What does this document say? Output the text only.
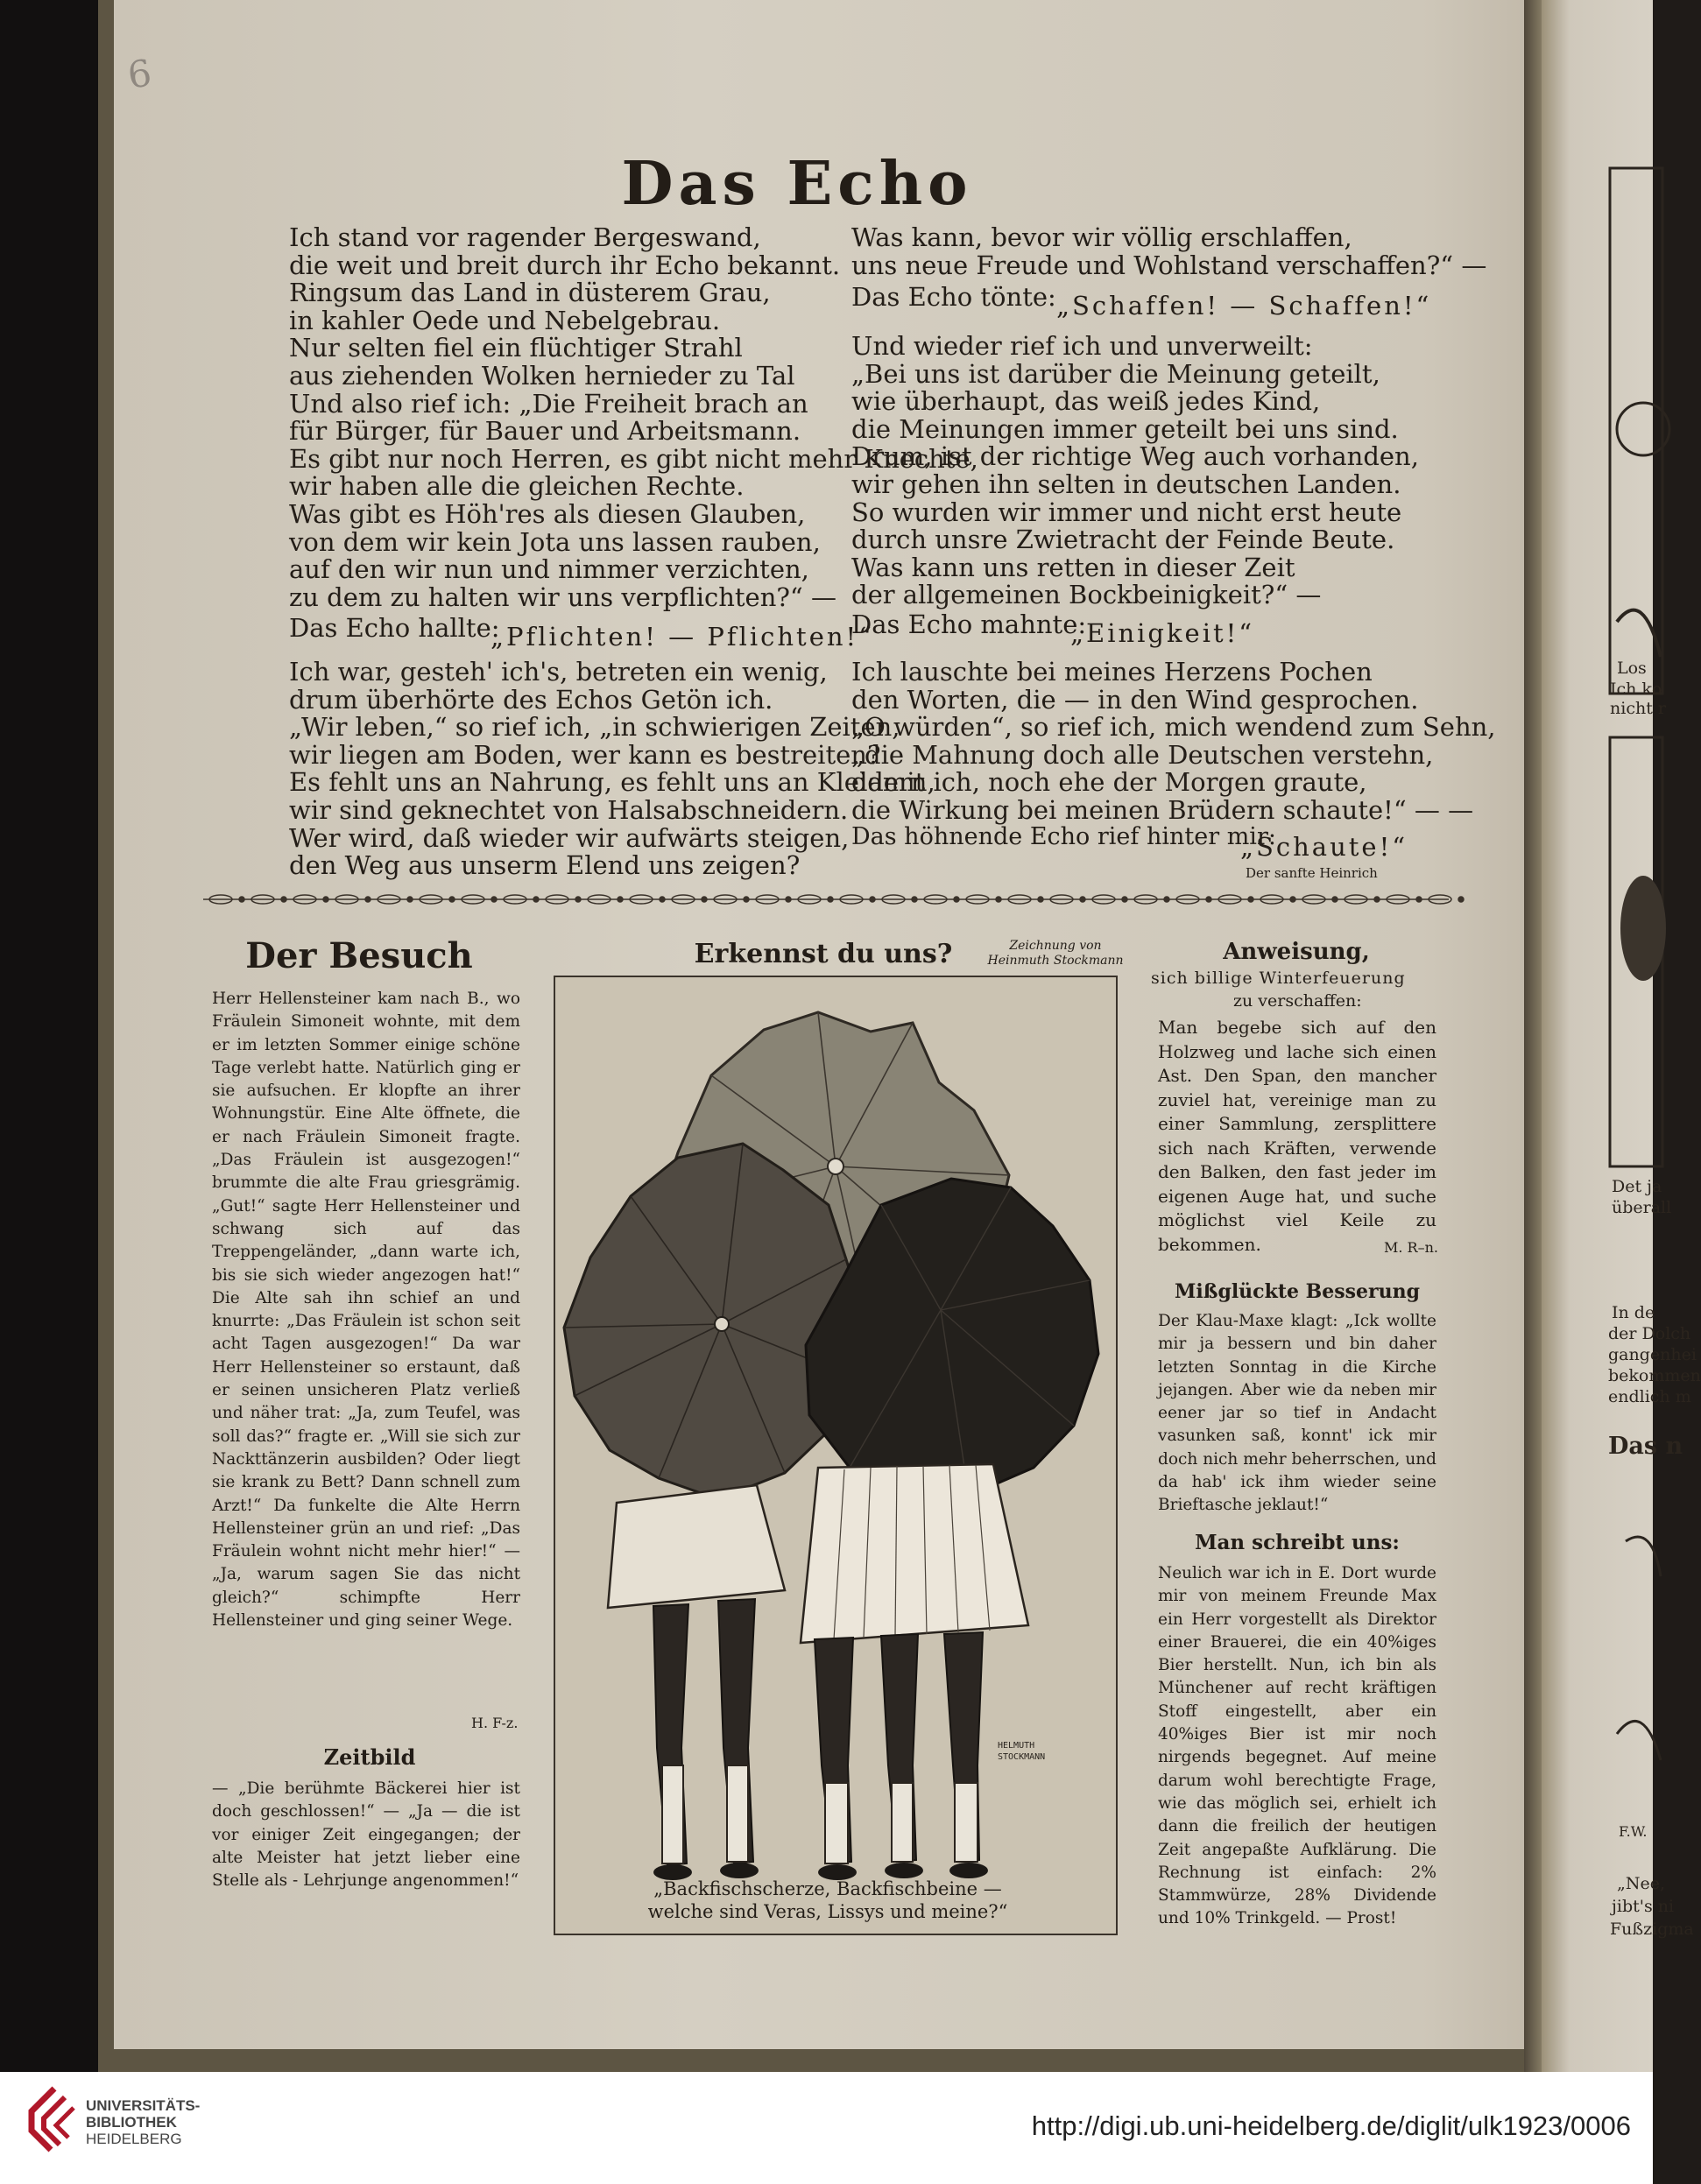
6
Das Echo
Ich stand vor ragender Bergeswand,
die weit und breit durch ihr Echo bekannt.
Ringsum das Land in düsterem Grau,
in kahler Oede und Nebelgebrau.
Nur selten fiel ein flüchtiger Strahl
aus ziehenden Wolken hernieder zu Tal
Und also rief ich: „Die Freiheit brach an
für Bürger, für Bauer und Arbeitsmann.
Es gibt nur noch Herren, es gibt nicht mehr Knechte,
wir haben alle die gleichen Rechte.
Was gibt es Höh'res als diesen Glauben,
von dem wir kein Jota uns lassen rauben,
auf den wir nun und nimmer verzichten,
zu dem zu halten wir uns verpflichten?“ —
Das Echo hallte:
„Pflichten! — Pflichten!“
Ich war, gesteh' ich's, betreten ein wenig,
drum überhörte des Echos Getön ich.
„Wir leben,“ so rief ich, „in schwierigen Zeiten,
wir liegen am Boden, wer kann es bestreiten?
Es fehlt uns an Nahrung, es fehlt uns an Kleidern,
wir sind geknechtet von Halsabschneidern.
Wer wird, daß wieder wir aufwärts steigen,
den Weg aus unserm Elend uns zeigen?
Was kann, bevor wir völlig erschlaffen,
uns neue Freude und Wohlstand verschaffen?“ —
Das Echo tönte: „Schaffen! — Schaffen!“
Und wieder rief ich und unverweilt:
„Bei uns ist darüber die Meinung geteilt,
wie überhaupt, das weiß jedes Kind,
die Meinungen immer geteilt bei uns sind.
Drum, ist der richtige Weg auch vorhanden,
wir gehen ihn selten in deutschen Landen.
So wurden wir immer und nicht erst heute
durch unsre Zwietracht der Feinde Beute.
Was kann uns retten in dieser Zeit
der allgemeinen Bockbeinigkeit?“ —
Das Echo mahnte:
„Einigkeit!“
Ich lauschte bei meines Herzens Pochen
den Worten, die — in den Wind gesprochen.
„O würden“, so rief ich, mich wendend zum Sehn,
„die Mahnung doch alle Deutschen verstehn,
damit ich, noch ehe der Morgen graute,
die Wirkung bei meinen Brüdern schaute!“ — —
Das höhnende Echo rief hinter mir:
„Schaute!“
Der sanfte Heinrich
Der Besuch
Herr Hellensteiner kam nach B., wo Fräulein Simoneit wohnte, mit dem er im letzten Sommer einige schöne Tage verlebt hatte. Natürlich ging er sie aufsuchen. Er klopfte an ihrer Wohnungstür. Eine Alte öffnete, die er nach Fräulein Simoneit fragte. „Das Fräulein ist ausgezogen!“ brummte die alte Frau griesgrämig. „Gut!“ sagte Herr Hellensteiner und schwang sich auf das Treppengeländer, „dann warte ich, bis sie sich wieder angezogen hat!“ Die Alte sah ihn schief an und knurrte: „Das Fräulein ist schon seit acht Tagen ausgezogen!“ Da war Herr Hellensteiner so erstaunt, daß er seinen unsicheren Platz verließ und näher trat: „Ja, zum Teufel, was soll das?“ fragte er. „Will sie sich zur Nackttänzerin ausbilden? Oder liegt sie krank zu Bett? Dann schnell zum Arzt!“ Da funkelte die Alte Herrn Hellensteiner grün an und rief: „Das Fräulein wohnt nicht mehr hier!“ — „Ja, warum sagen Sie das nicht gleich?“ schimpfte Herr Hellensteiner und ging seiner Wege.
H. F-z.
Zeitbild
— „Die berühmte Bäckerei hier ist doch geschlossen!“ — „Ja — die ist vor einiger Zeit eingegangen; der alte Meister hat jetzt lieber eine Stelle als - Lehrjunge angenommen!“
Erkennst du uns?	Zeichnung von
Heinmuth Stockmann
HELMUTH
STOCKMANN
„Backfischscherze, Backfischbeine —
welche sind Veras, Lissys und meine?“
Anweisung,
sich billige Winterfeuerung
zu verschaffen:
Man begebe sich auf den Holzweg und lache sich einen Ast. Den Span, den mancher zuviel hat, vereinige man zu einer Sammlung, zersplittere sich nach Kräften, verwende den Balken, den fast jeder im eigenen Auge hat, und suche möglichst viel Keile zu bekommen.	M. R–n.
Mißglückte Besserung
Der Klau-Maxe klagt: „Ick wollte mir ja bessern und bin daher letzten Sonntag in die Kirche jejangen. Aber wie da neben mir eener jar so tief in Andacht vasunken saß, konnt' ick mir doch nich mehr beherrschen, und da hab' ick ihm wieder seine Brieftasche jeklaut!“
Man schreibt uns:
Neulich war ich in E. Dort wurde mir von meinem Freunde Max ein Herr vorgestellt als Direktor einer Brauerei, die ein 40%iges Bier herstellt. Nun, ich bin als Münchener auf recht kräftigen Stoff eingestellt, aber ein 40%iges Bier ist mir noch nirgends begegnet. Auf meine darum wohl berechtigte Frage, wie das möglich sei, erhielt ich dann die freilich der heutigen Zeit angepaßte Aufklärung. Die Rechnung ist einfach: 2% Stammwürze, 28% Dividende und 10% Trinkgeld. — Prost!
Los
Ich ko
nicht r
Det ja
überall
In de
der Dolch
gangenhei
bekommen
endlich m
Das n
F.W.
„Nee,
jibt's ni
Fußzigma
UNIVERSITÄTS-
BIBLIOTHEK
HEIDELBERG	http://digi.ub.uni-heidelberg.de/diglit/ulk1923/0006
